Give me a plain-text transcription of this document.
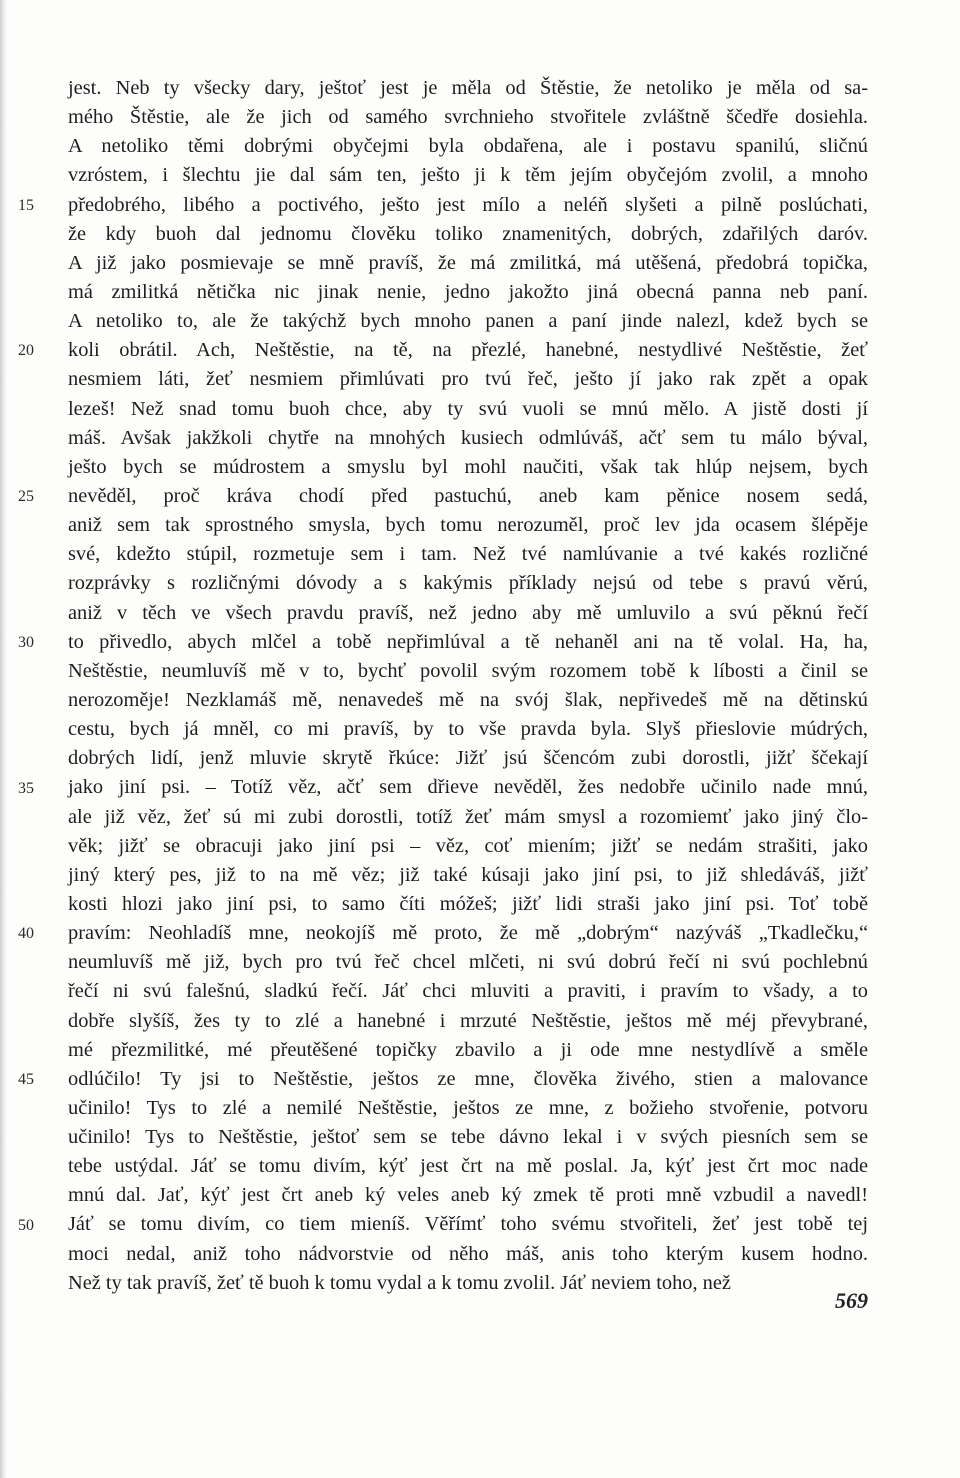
15
20
25
30
35
40
45
50
jest. Neb ty všecky dary, ještoť jest je měla od Štěstie, že netoliko je měla od sa-
mého Štěstie, ale že jich od samého svrchnieho stvořitele zvláštně ščedře dosiehla.
A netoliko těmi dobrými obyčejmi byla obdařena, ale i postavu spanilú, sličnú
vzróstem, i šlechtu jie dal sám ten, ješto ji k těm jejím obyčejóm zvolil, a mnoho
předobrého, libého a poctivého, ješto jest mílo a neléň slyšeti a pilně poslúchati,
že kdy buoh dal jednomu člověku toliko znamenitých, dobrých, zdařilých daróv.
A již jako posmievaje se mně pravíš, že má zmilitká, má utěšená, předobrá topička,
má zmilitká nětička nic jinak nenie, jedno jakožto jiná obecná panna neb paní.
A netoliko to, ale že takýchž bych mnoho panen a paní jinde nalezl, kdež bych se
koli obrátil. Ach, Neštěstie, na tě, na přezlé, hanebné, nestydlivé Neštěstie, žeť
nesmiem láti, žeť nesmiem přimlúvati pro tvú řeč, ješto jí jako rak zpět a opak
lezeš! Než snad tomu buoh chce, aby ty svú vuoli se mnú mělo. A jistě dosti jí
máš. Avšak jakžkoli chytře na mnohých kusiech odmlúváš, ačť sem tu málo býval,
ješto bych se múdrostem a smyslu byl mohl naučiti, však tak hlúp nejsem, bych
nevěděl, proč kráva chodí před pastuchú, aneb kam pěnice nosem sedá,
aniž sem tak sprostného smysla, bych tomu nerozuměl, proč lev jda ocasem šlépěje
své, kdežto stúpil, rozmetuje sem i tam. Než tvé namlúvanie a tvé kakés rozličné
rozprávky s rozličnými dóvody a s kakýmis příklady nejsú od tebe s pravú věrú,
aniž v těch ve všech pravdu pravíš, než jedno aby mě umluvilo a svú pěknú řečí
to přivedlo, abych mlčel a tobě nepřimlúval a tě nehaněl ani na tě volal. Ha, ha,
Neštěstie, neumluvíš mě v to, bychť povolil svým rozomem tobě k líbosti a činil se
nerozoměje! Nezklamáš mě, nenavedeš mě na svój šlak, nepřivedeš mě na dětinskú
cestu, bych já mněl, co mi pravíš, by to vše pravda byla. Slyš přieslovie múdrých,
dobrých lidí, jenž mluvie skrytě řkúce: Jižť jsú ščencóm zubi dorostli, jižť ščekají
jako jiní psi. – Totíž věz, ačť sem dřieve nevěděl, žes nedobře učinilo nade mnú,
ale již věz, žeť sú mi zubi dorostli, totíž žeť mám smysl a rozomiemť jako jiný člo-
věk; jižť se obracuji jako jiní psi – věz, coť miením; jižť se nedám strašiti, jako
jiný který pes, již to na mě věz; již také kúsaji jako jiní psi, to již shledáváš, jižť
kosti hlozi jako jiní psi, to samo číti móžeš; jižť lidi straši jako jiní psi. Toť tobě
pravím: Neohladíš mne, neokojíš mě proto, že mě „dobrým“ nazýváš „Tkadlečku,“
neumluvíš mě již, bych pro tvú řeč chcel mlčeti, ni svú dobrú řečí ni svú pochlebnú
řečí ni svú falešnú, sladkú řečí. Jáť chci mluviti a praviti, i pravím to všady, a to
dobře slyšíš, žes ty to zlé a hanebné i mrzuté Neštěstie, ještos mě méj převybrané,
mé přezmilitké, mé přeutěšené topičky zbavilo a ji ode mne nestydlívě a směle
odlúčilo! Ty jsi to Neštěstie, ještos ze mne, člověka živého, stien a malovance
učinilo! Tys to zlé a nemilé Neštěstie, ještos ze mne, z božieho stvořenie, potvoru
učinilo! Tys to Neštěstie, ještoť sem se tebe dávno lekal i v svých piesních sem se
tebe ustýdal. Jáť se tomu divím, kýť jest črt na mě poslal. Ja, kýť jest črt moc nade
mnú dal. Jať, kýť jest črt aneb ký veles aneb ký zmek tě proti mně vzbudil a navedl!
Jáť se tomu divím, co tiem mieníš. Věřímť toho svému stvořiteli, žeť jest tobě tej
moci nedal, aniž toho nádvorstvie od něho máš, anis toho kterým kusem hodno.
Než ty tak pravíš, žeť tě buoh k tomu vydal a k tomu zvolil. Jáť neviem toho, než
569
